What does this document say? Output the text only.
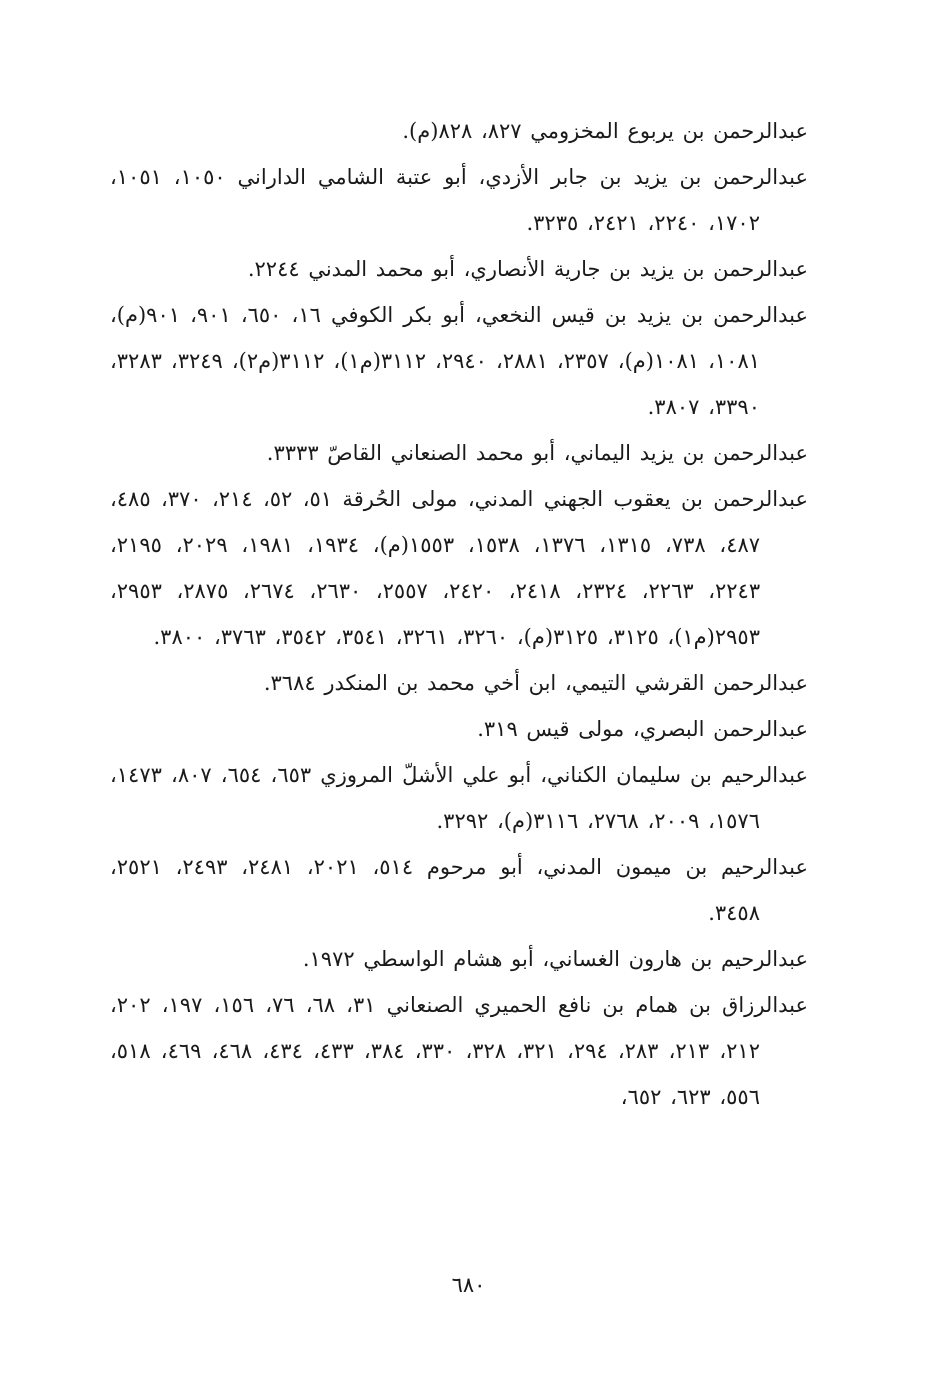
عبدالرحمن بن يربوع المخزومي ٨٢٧، ٨٢٨(م).

عبدالرحمن بن يزيد بن جابر الأزدي، أبو عتبة الشامي الداراني ١٠٥٠، ١٠٥١، ١٧٠٢، ٢٢٤٠، ٢٤٢١، ٣٢٣٥.

عبدالرحمن بن يزيد بن جارية الأنصاري، أبو محمد المدني ٢٢٤٤.

عبدالرحمن بن يزيد بن قيس النخعي، أبو بكر الكوفي ١٦، ٦٥٠، ٩٠١، ٩٠١(م)، ١٠٨١، ١٠٨١(م)، ٢٣٥٧، ٢٨٨١، ٢٩٤٠، ٣١١٢(م١)، ٣١١٢(م٢)، ٣٢٤٩، ٣٢٨٣، ٣٣٩٠، ٣٨٠٧.

عبدالرحمن بن يزيد اليماني، أبو محمد الصنعاني القاصّ ٣٣٣٣.

عبدالرحمن بن يعقوب الجهني المدني، مولى الحُرقة ٥١، ٥٢، ٢١٤، ٣٧٠، ٤٨٥، ٤٨٧، ٧٣٨، ١٣١٥، ١٣٧٦، ١٥٣٨، ١٥٥٣(م)، ١٩٣٤، ١٩٨١، ٢٠٢٩، ٢١٩٥، ٢٢٤٣، ٢٢٦٣، ٢٣٢٤، ٢٤١٨، ٢٤٢٠، ٢٥٥٧، ٢٦٣٠، ٢٦٧٤، ٢٨٧٥، ٢٩٥٣، ٢٩٥٣(م١)، ٣١٢٥، ٣١٢٥(م)، ٣٢٦٠، ٣٢٦١، ٣٥٤١، ٣٥٤٢، ٣٧٦٣، ٣٨٠٠.

عبدالرحمن القرشي التيمي، ابن أخي محمد بن المنكدر ٣٦٨٤.

عبدالرحمن البصري، مولى قيس ٣١٩.

عبدالرحيم بن سليمان الكناني، أبو علي الأشلّ المروزي ٦٥٣، ٦٥٤، ٨٠٧، ١٤٧٣، ١٥٧٦، ٢٠٠٩، ٢٧٦٨، ٣١١٦(م)، ٣٢٩٢.

عبدالرحيم بن ميمون المدني، أبو مرحوم ٥١٤، ٢٠٢١، ٢٤٨١، ٢٤٩٣، ٢٥٢١، ٣٤٥٨.

عبدالرحيم بن هارون الغساني، أبو هشام الواسطي ١٩٧٢.

عبدالرزاق بن همام بن نافع الحميري الصنعاني ٣١، ٦٨، ٧٦، ١٥٦، ١٩٧، ٢٠٢، ٢١٢، ٢١٣، ٢٨٣، ٢٩٤، ٣٢١، ٣٢٨، ٣٣٠، ٣٨٤، ٤٣٣، ٤٣٤، ٤٦٨، ٤٦٩، ٥١٨، ٥٥٦، ٦٢٣، ٦٥٢،

٦٨٠
